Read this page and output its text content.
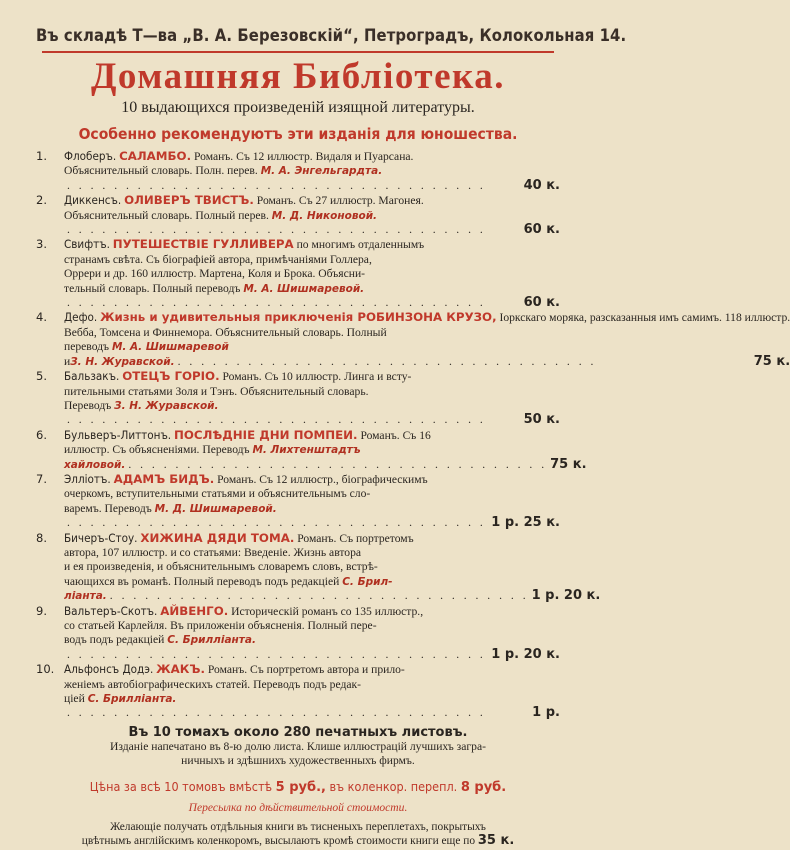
Въ складѣ Т—ва „В. А. Березовскій“, Петроградъ, Колокольная 14.
Домашняя Библіотека.
10 выдающихся произведеній изящной литературы.
Особенно рекомендуютъ эти изданія для юношества.
1.	Флоберъ. САЛАМБО. Романъ. Съ 12 иллюстр. Видаля и Пуарсана.
Объяснительный словарь. Полн. перев. М. А. Энгельгардта.
. . . . . . . . . . . . . . . . . . . . . . . . . . . . . . . . . . . .	40 к.
2.	Диккенсъ. ОЛИВЕРЪ ТВИСТЪ. Романъ. Съ 27 иллюстр. Магонея.
Объяснительный словарь. Полный перев. М. Д. Никоновой.
. . . . . . . . . . . . . . . . . . . . . . . . . . . . . . . . . . . .	60 к.
3.	Свифтъ. ПУТЕШЕСТВІЕ ГУЛЛИВЕРА по многимъ отдаленнымъ
странамъ свѣта. Съ біографіей автора, примѣчаніями Голлера,
Оррери и др. 160 иллюстр. Мартена, Коля и Брока. Объясни-
тельный словарь. Полный переводъ М. А. Шишмаревой.
. . . . . . . . . . . . . . . . . . . . . . . . . . . . . . . . . . . .	60 к.
4.	Дефо. Жизнь и удивительныя приключенія РОБИНЗОНА КРУЗО, Іоркскаго моряка, разсказанныя имъ самимъ. 118 иллюстр.
Вебба, Томсена и Финнемора. Объяснительный словарь. Полный
переводъ М. А. Шишмаревой
и З. Н. Журавской. . . . . . . . . . . . . . . . . . . . . . . . . . . . . . . . . . . . .	75 к.
5.	Бальзакъ. ОТЕЦЪ ГОРІО. Романъ. Съ 10 иллюстр. Линга и всту-
пительными статьями Золя и Тэнъ. Объяснительный словарь.
Переводъ З. Н. Журавской.
. . . . . . . . . . . . . . . . . . . . . . . . . . . . . . . . . . . .	50 к.
6.	Бульверъ-Литтонъ. ПОСЛѢДНІЕ ДНИ ПОМПЕИ. Романъ. Съ 16
иллюстр. Съ объясненіями. Переводъ М. Лихтенштадтъ
хайловой. . . . . . . . . . . . . . . . . . . . . . . . . . . . . . . . . . . . . 75 к.
7.	Элліотъ. АДАМЪ БИДЪ. Романъ. Съ 12 иллюстр., біографическимъ
очеркомъ, вступительными статьями и объяснительнымъ сло-
варемъ. Переводъ М. Д. Шишмаревой.
. . . . . . . . . . . . . . . . . . . . . . . . . . . . . . . . . . . . 1 р. 25 к.
8.	Бичеръ-Стоу. ХИЖИНА ДЯДИ ТОМА. Романъ. Съ портретомъ
автора, 107 иллюстр. и со статьями: Введеніе. Жизнь автора
и ея произведенія, и объяснительнымъ словаремъ словъ, встрѣ-
чающихся въ романѣ. Полный переводъ подъ редакціей С. Брил-
ліанта. . . . . . . . . . . . . . . . . . . . . . . . . . . . . . . . . . . . . 1 р. 20 к.
9.	Вальтеръ-Скотъ. АЙВЕНГО. Историческій романъ со 135 иллюстр.,
со статьей Карлейля. Въ приложеніи объясненія. Полный пере-
водъ подъ редакціей С. Брилліанта.
. . . . . . . . . . . . . . . . . . . . . . . . . . . . . . . . . . . . 1 р. 20 к.
10. Альфонсъ Додэ. ЖАКЪ. Романъ. Съ портретомъ автора и прило-
женіемъ автобіографическихъ статей. Переводъ подъ редак-
ціей С. Брилліанта.
. . . . . . . . . . . . . . . . . . . . . . . . . . . . . . . . . . . .	1 р.
Въ 10 томахъ около 280 печатныхъ листовъ.
Изданіе напечатано въ 8-ю долю листа. Клише иллюстрацій лучшихъ загра-
ничныхъ и здѣшнихъ художественныхъ фирмъ.
Цѣна за всѣ 10 томовъ вмѣстѣ 5 руб., въ коленкор. перепл. 8 руб.
Пересылка по дѣйствительной стоимости.
Желающіе получать отдѣльныя книги въ тисненыхъ переплетахъ, покрытыхъ
цвѣтнымъ англійскимъ коленкоромъ, высылаютъ кромѣ стоимости книги еще по 35 к.
